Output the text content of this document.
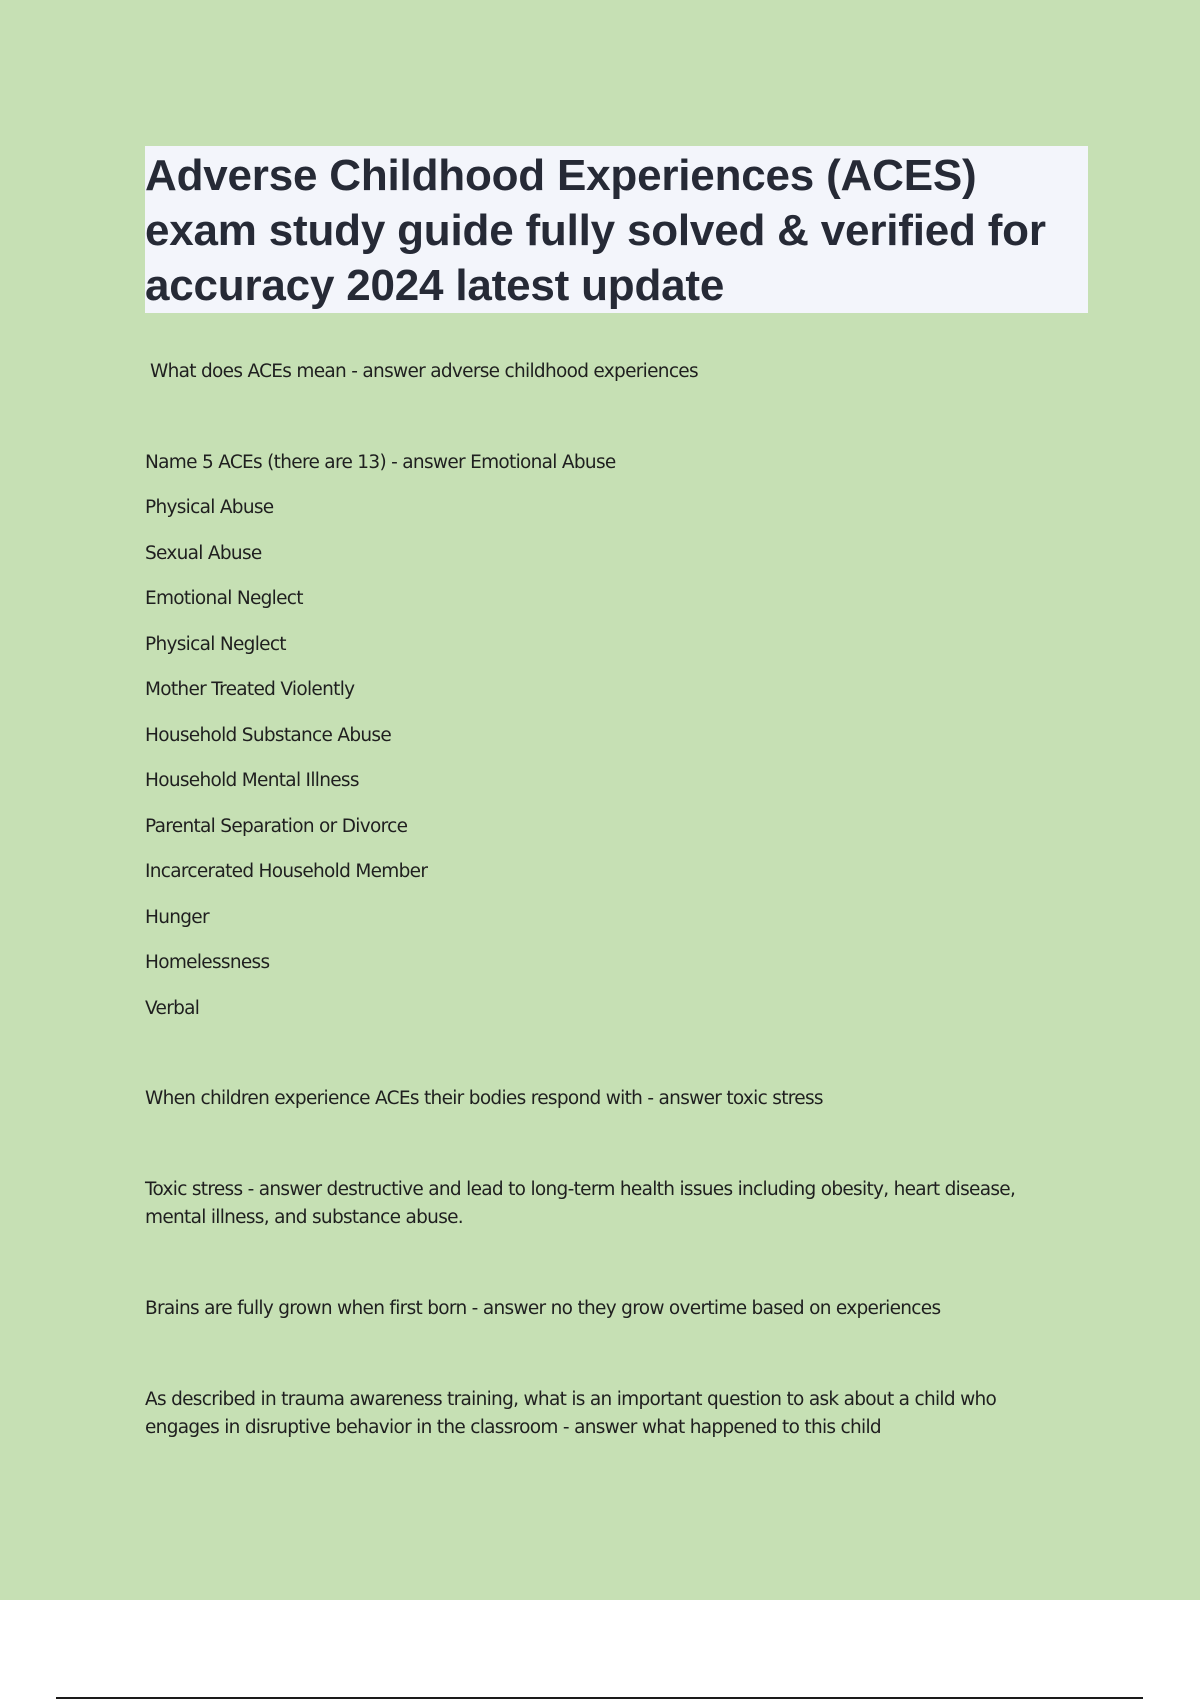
Adverse Childhood Experiences (ACES) exam study guide fully solved & verified for accuracy 2024 latest update

What does ACEs mean - answer adverse childhood experiences

Name 5 ACEs (there are 13) - answer Emotional Abuse

Physical Abuse

Sexual Abuse

Emotional Neglect

Physical Neglect

Mother Treated Violently

Household Substance Abuse

Household Mental Illness

Parental Separation or Divorce

Incarcerated Household Member

Hunger

Homelessness

Verbal

When children experience ACEs their bodies respond with - answer toxic stress

Toxic stress - answer destructive and lead to long-term health issues including obesity, heart disease, mental illness, and substance abuse.

Brains are fully grown when first born - answer no they grow overtime based on experiences

As described in trauma awareness training, what is an important question to ask about a child who engages in disruptive behavior in the classroom - answer what happened to this child
